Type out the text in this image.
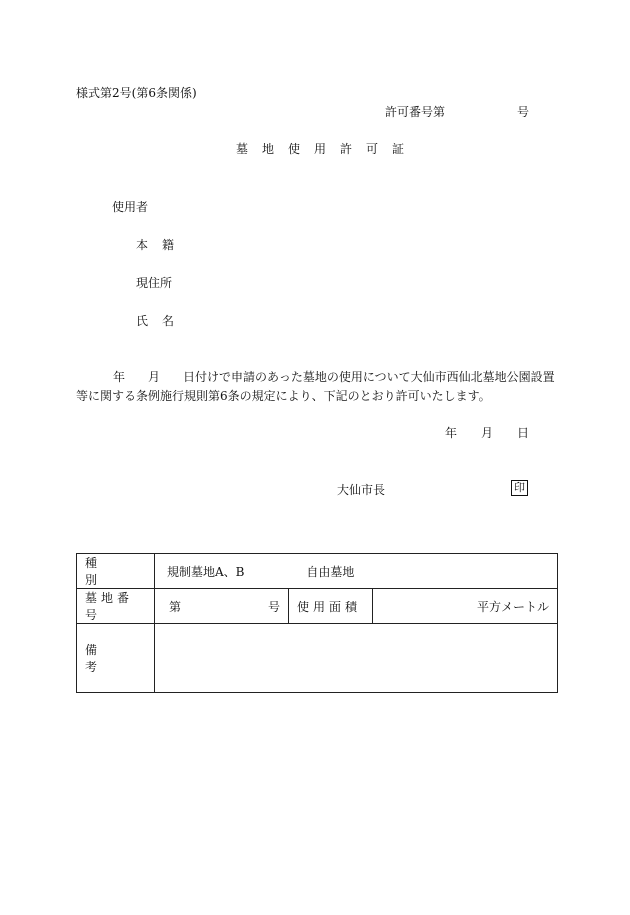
様式第2号(第6条関係)
許可番号第	号
墓地使用許可証
使用者
本籍
現住所
氏名
年 月 日付けで申請のあった墓地の使用について大仙市西仙北墓地公園設置
等に関する条例施行規則第6条の規定により、下記のとおり許可いたします。
年 月 日
大仙市長	印
種別	規制墓地A、B 自由墓地		
墓地番号	第 号	使用面積	平方メートル
備考			
